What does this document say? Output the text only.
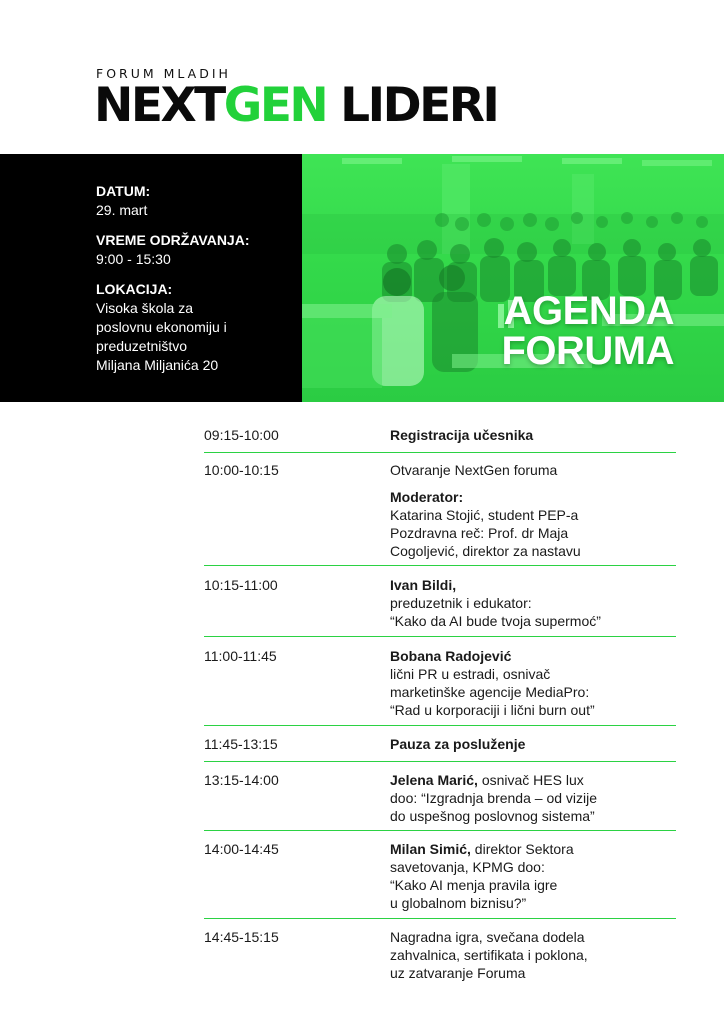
FORUM MLADIH
NEXTGEN LIDERI
DATUM:
29. mart
VREME ODRŽAVANJA:
9:00 - 15:30
LOKACIJA:
Visoka škola za
poslovnu ekonomiju i
preduzetništvo
Miljana Miljanića 20
AGENDA
FORUMA
09:15-10:00	Registracija učesnika
10:00-10:15	Otvaranje NextGen foruma
Moderator:
Katarina Stojić, student PEP-a
Pozdravna reč: Prof. dr Maja
Cogoljević, direktor za nastavu
10:15-11:00	Ivan Bildi,
preduzetnik i edukator:
“Kako da AI bude tvoja supermoć”
11:00-11:45	Bobana Radojević
lični PR u estradi, osnivač
marketinške agencije MediaPro:
“Rad u korporaciji i lični burn out”
11:45-13:15	Pauza za posluženje
13:15-14:00	Jelena Marić, osnivač HES lux
doo: “Izgradnja brenda – od vizije
do uspešnog poslovnog sistema”
14:00-14:45	Milan Simić, direktor Sektora
savetovanja, KPMG doo:
“Kako AI menja pravila igre
u globalnom biznisu?”
14:45-15:15	Nagradna igra, svečana dodela
zahvalnica, sertifikata i poklona,
uz zatvaranje Foruma
